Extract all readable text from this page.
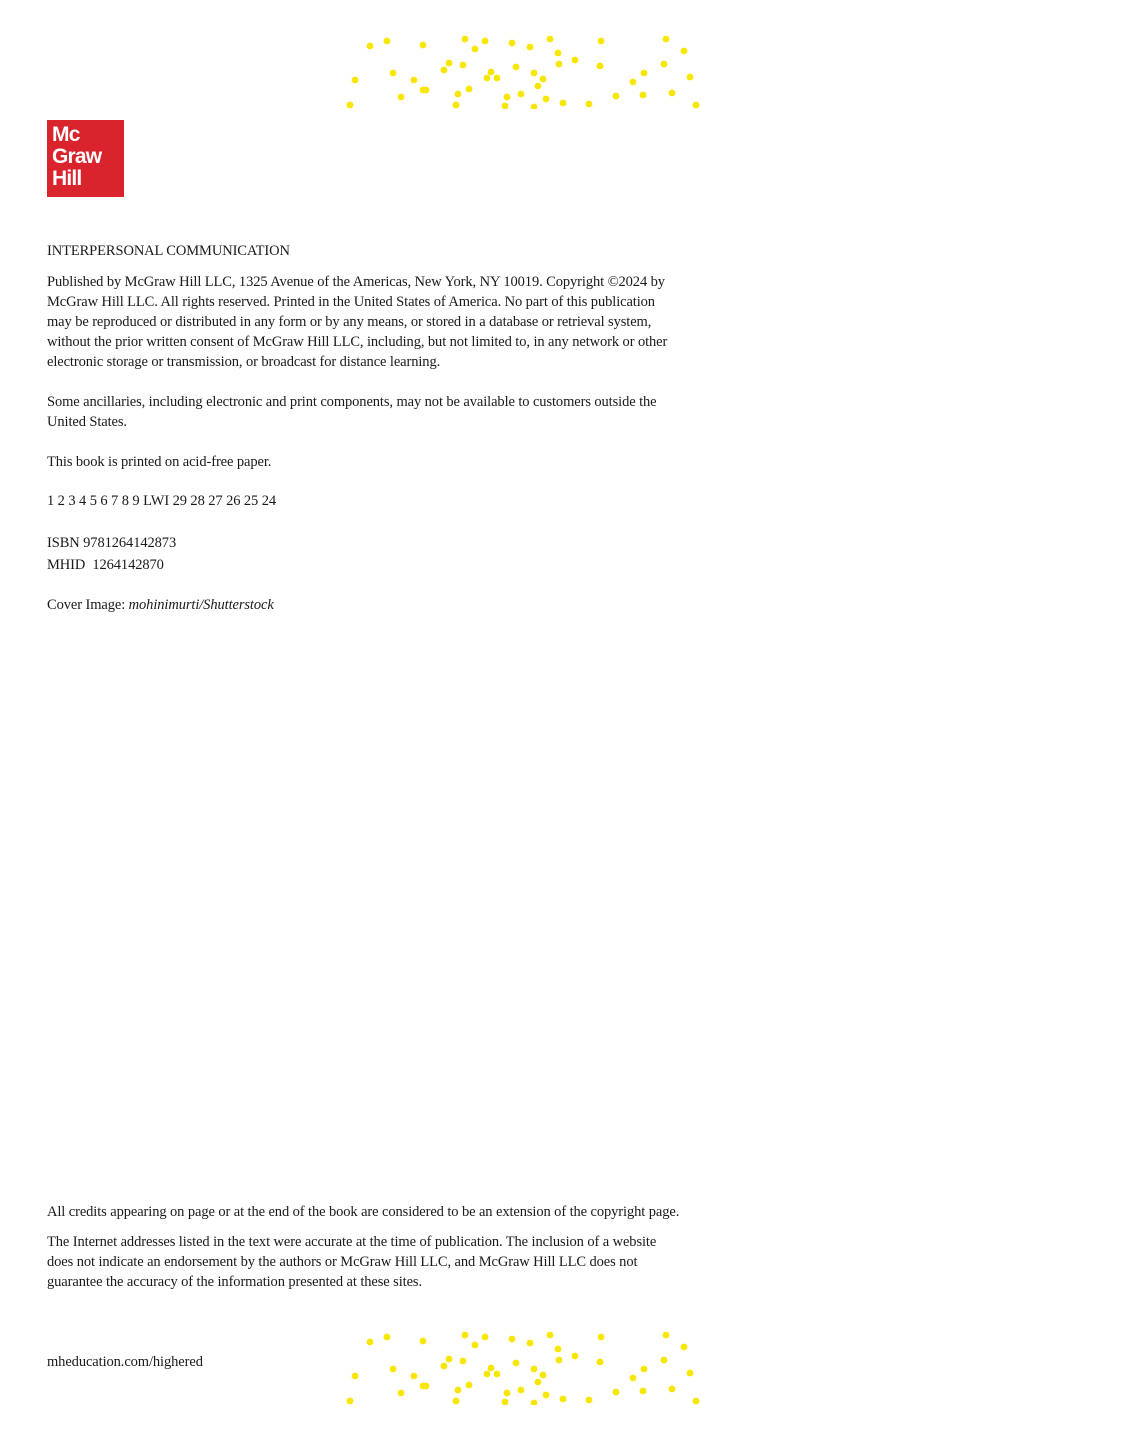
Mc
Graw
Hill

INTERPERSONAL COMMUNICATION

Published by McGraw Hill LLC, 1325 Avenue of the Americas, New York, NY 10019. Copyright ©2024 by
McGraw Hill LLC. All rights reserved. Printed in the United States of America. No part of this publication
may be reproduced or distributed in any form or by any means, or stored in a database or retrieval system,
without the prior written consent of McGraw Hill LLC, including, but not limited to, in any network or other
electronic storage or transmission, or broadcast for distance learning.

Some ancillaries, including electronic and print components, may not be available to customers outside the
United States.

This book is printed on acid-free paper.

1 2 3 4 5 6 7 8 9 LWI 29 28 27 26 25 24

ISBN 9781264142873
MHID  1264142870

Cover Image: mohinimurti/Shutterstock

All credits appearing on page or at the end of the book are considered to be an extension of the copyright page.

The Internet addresses listed in the text were accurate at the time of publication. The inclusion of a website
does not indicate an endorsement by the authors or McGraw Hill LLC, and McGraw Hill LLC does not
guarantee the accuracy of the information presented at these sites.

mheducation.com/highered
